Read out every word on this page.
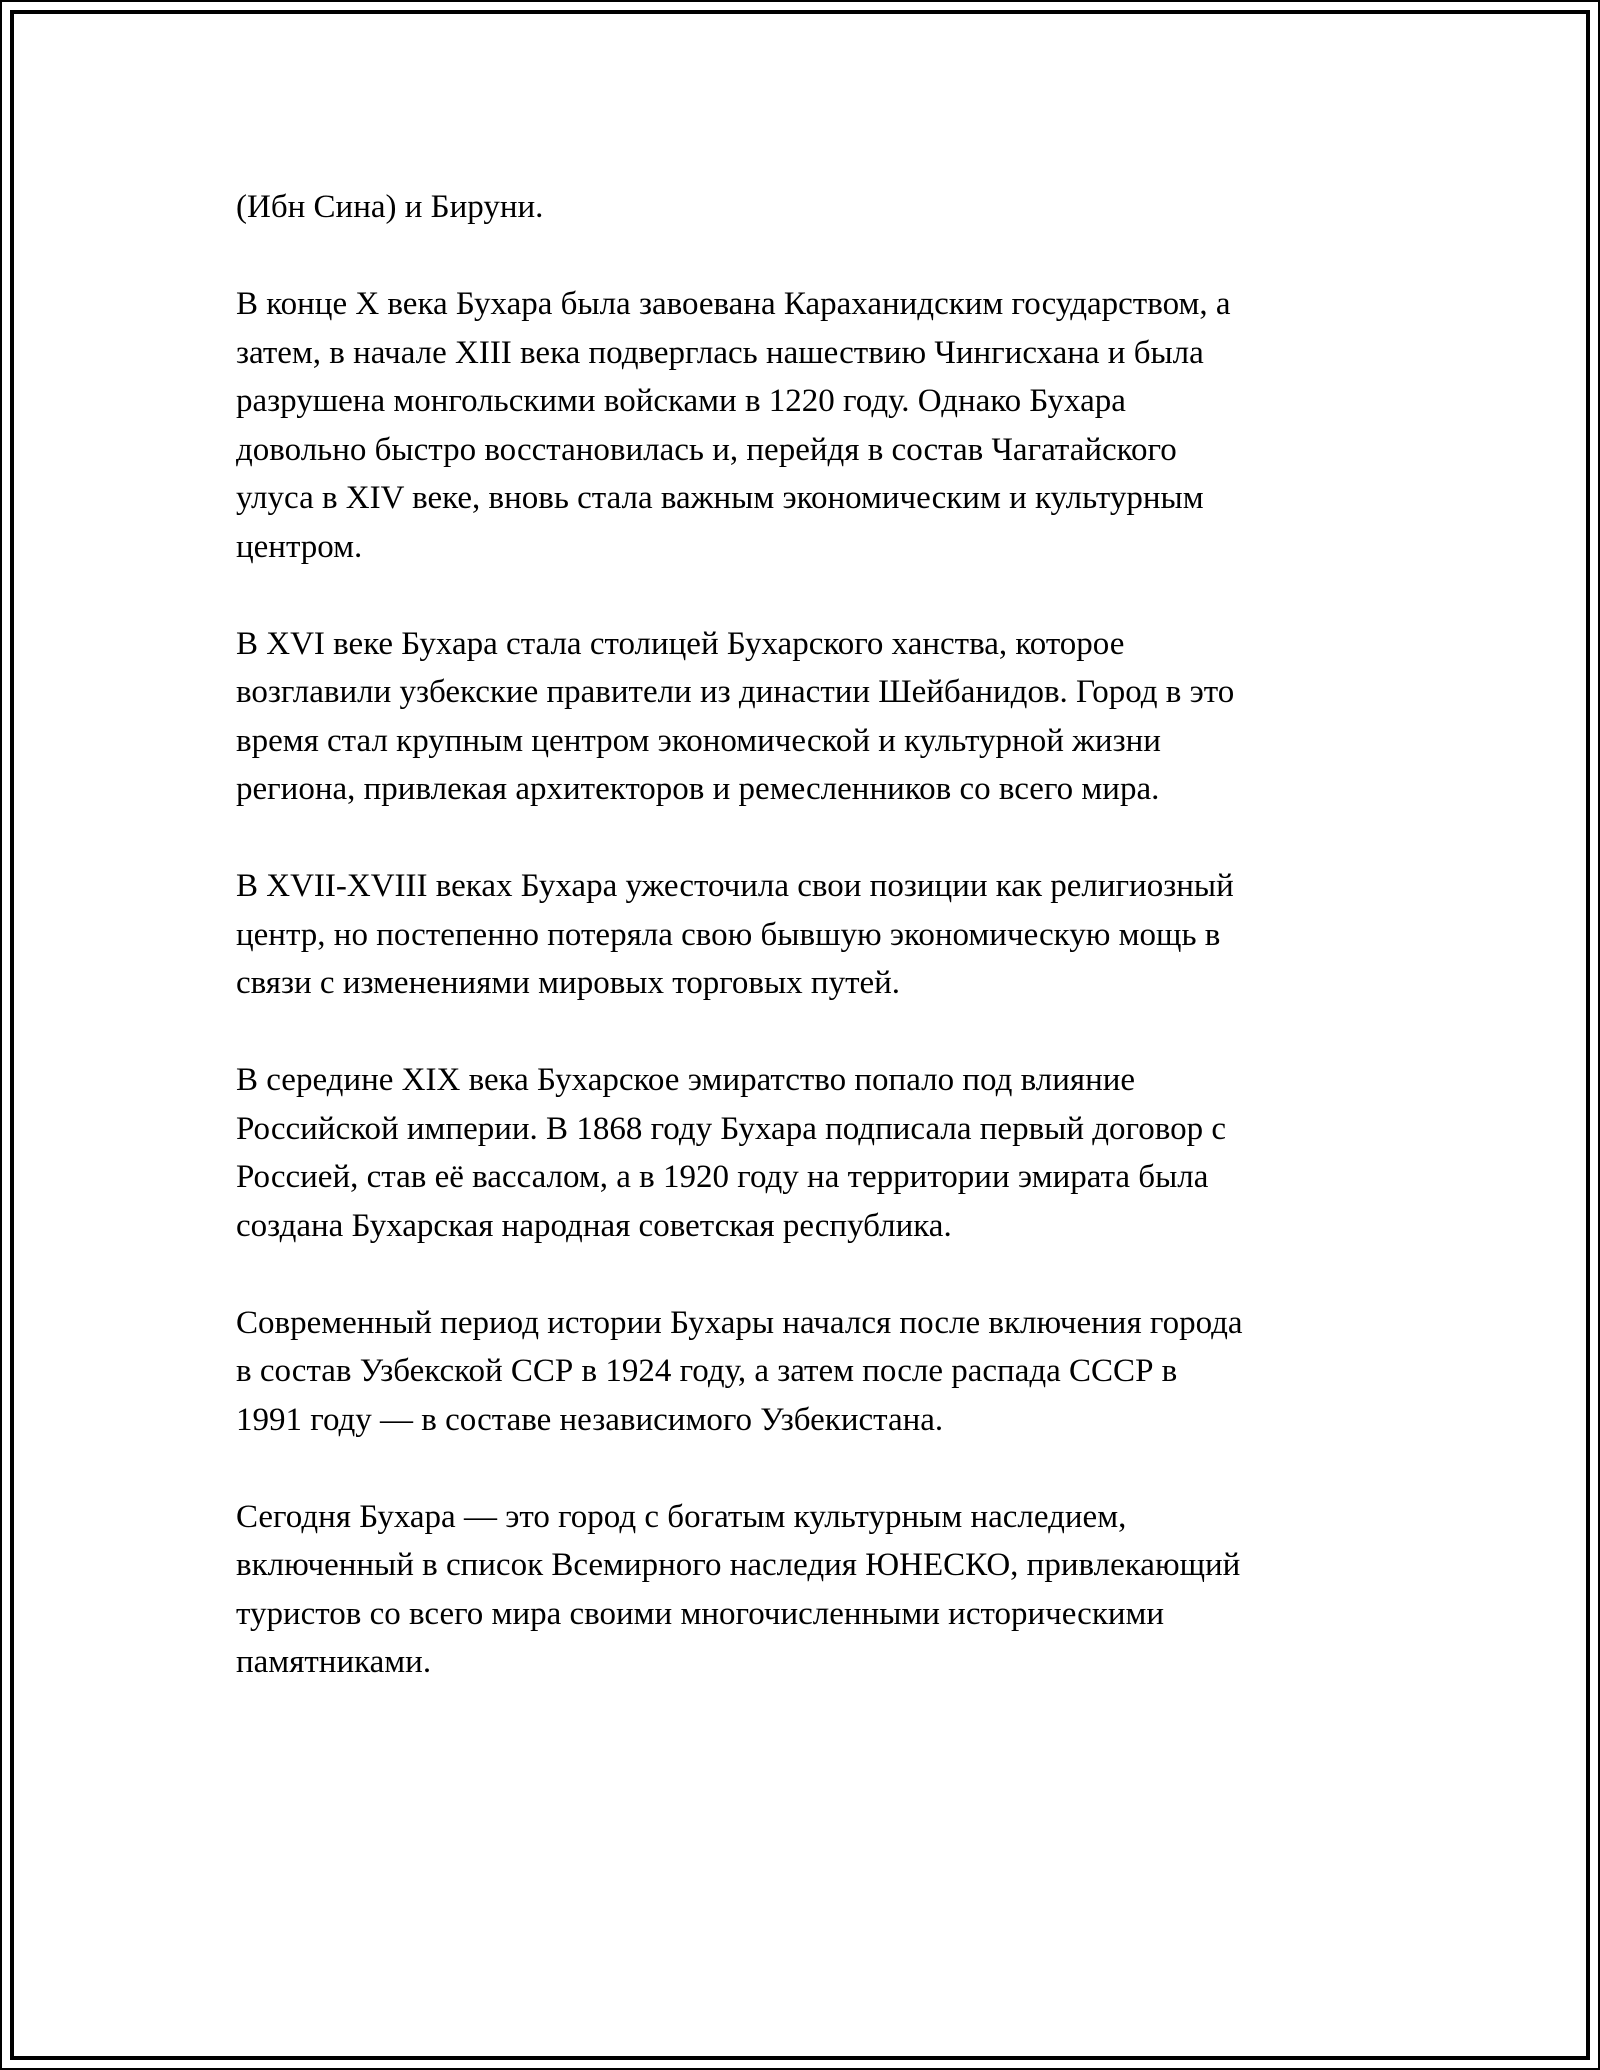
(Ибн Сина) и Бируни.

В конце X века Бухара была завоевана Караханидским государством, а
затем, в начале XIII века подверглась нашествию Чингисхана и была
разрушена монгольскими войсками в 1220 году. Однако Бухара
довольно быстро восстановилась и, перейдя в состав Чагатайского
улуса в XIV веке, вновь стала важным экономическим и культурным
центром.

В XVI веке Бухара стала столицей Бухарского ханства, которое
возглавили узбекские правители из династии Шейбанидов. Город в это
время стал крупным центром экономической и культурной жизни
региона, привлекая архитекторов и ремесленников со всего мира.

В XVII-XVIII веках Бухара ужесточила свои позиции как религиозный
центр, но постепенно потеряла свою бывшую экономическую мощь в
связи с изменениями мировых торговых путей.

В середине XIX века Бухарское эмиратство попало под влияние
Российской империи. В 1868 году Бухара подписала первый договор с
Россией, став её вассалом, а в 1920 году на территории эмирата была
создана Бухарская народная советская республика.

Современный период истории Бухары начался после включения города
в состав Узбекской ССР в 1924 году, а затем после распада СССР в
1991 году — в составе независимого Узбекистана.

Сегодня Бухара — это город с богатым культурным наследием,
включенный в список Всемирного наследия ЮНЕСКО, привлекающий
туристов со всего мира своими многочисленными историческими
памятниками.
